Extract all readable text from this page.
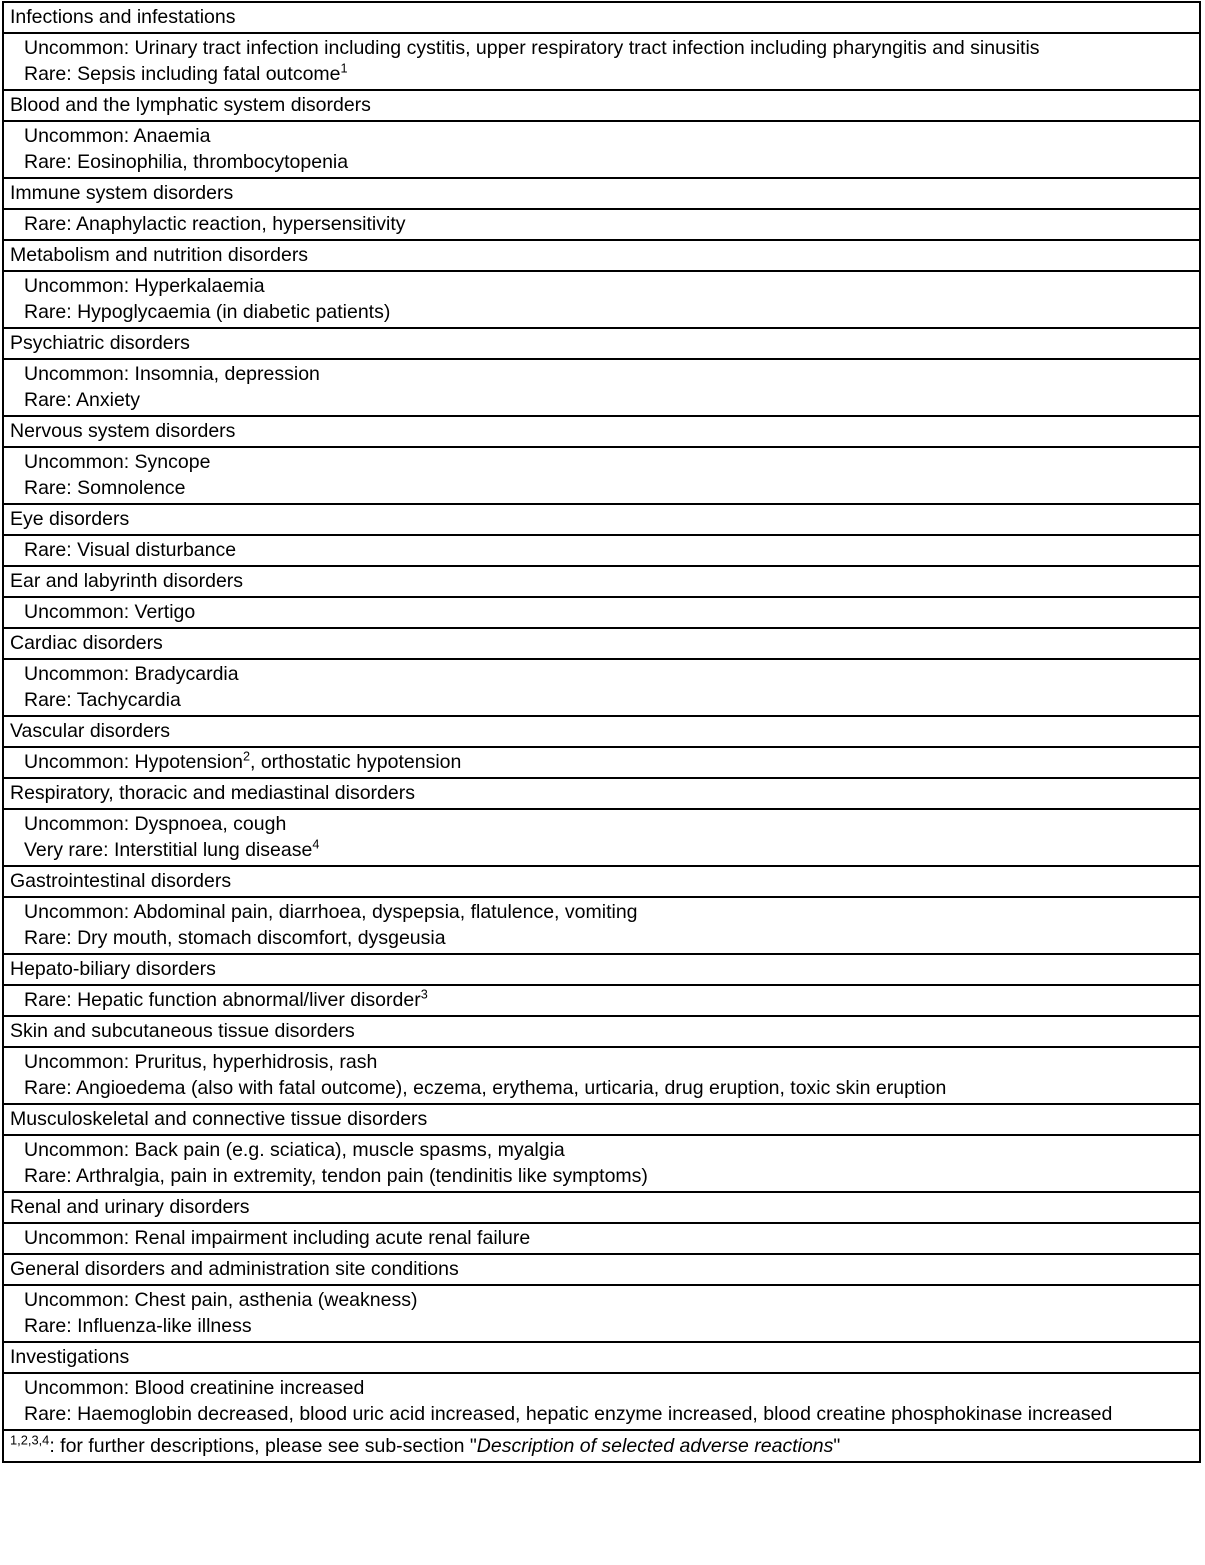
Infections and infestations

Uncommon: Urinary tract infection including cystitis, upper respiratory tract infection including pharyngitis and sinusitis
Rare: Sepsis including fatal outcome$^1$

Blood and the lymphatic system disorders

Uncommon: Anaemia
Rare: Eosinophilia, thrombocytopenia

Immune system disorders

Rare: Anaphylactic reaction, hypersensitivity

Metabolism and nutrition disorders

Uncommon: Hyperkalaemia
Rare: Hypoglycaemia (in diabetic patients)

Psychiatric disorders

Uncommon: Insomnia, depression
Rare: Anxiety

Nervous system disorders

Uncommon: Syncope
Rare: Somnolence

Eye disorders

Rare: Visual disturbance

Ear and labyrinth disorders

Uncommon: Vertigo

Cardiac disorders

Uncommon: Bradycardia
Rare: Tachycardia

Vascular disorders

Uncommon: Hypotension$^2$, orthostatic hypotension

Respiratory, thoracic and mediastinal disorders

Uncommon: Dyspnoea, cough
Very rare: Interstitial lung disease$^4$

Gastrointestinal disorders

Uncommon: Abdominal pain, diarrhoea, dyspepsia, flatulence, vomiting
Rare: Dry mouth, stomach discomfort, dysgeusia

Hepato-biliary disorders

Rare: Hepatic function abnormal/liver disorder$^3$

Skin and subcutaneous tissue disorders

Uncommon: Pruritus, hyperhidrosis, rash
Rare: Angioedema (also with fatal outcome), eczema, erythema, urticaria, drug eruption, toxic skin eruption

Musculoskeletal and connective tissue disorders

Uncommon: Back pain (e.g. sciatica), muscle spasms, myalgia
Rare: Arthralgia, pain in extremity, tendon pain (tendinitis like symptoms)

Renal and urinary disorders

Uncommon: Renal impairment including acute renal failure

General disorders and administration site conditions

Uncommon: Chest pain, asthenia (weakness)
Rare: Influenza-like illness

Investigations

Uncommon: Blood creatinine increased
Rare: Haemoglobin decreased, blood uric acid increased, hepatic enzyme increased, blood creatine phosphokinase increased

$^{1,2,3,4}$: for further descriptions, please see sub-section "Description of selected adverse reactions"
